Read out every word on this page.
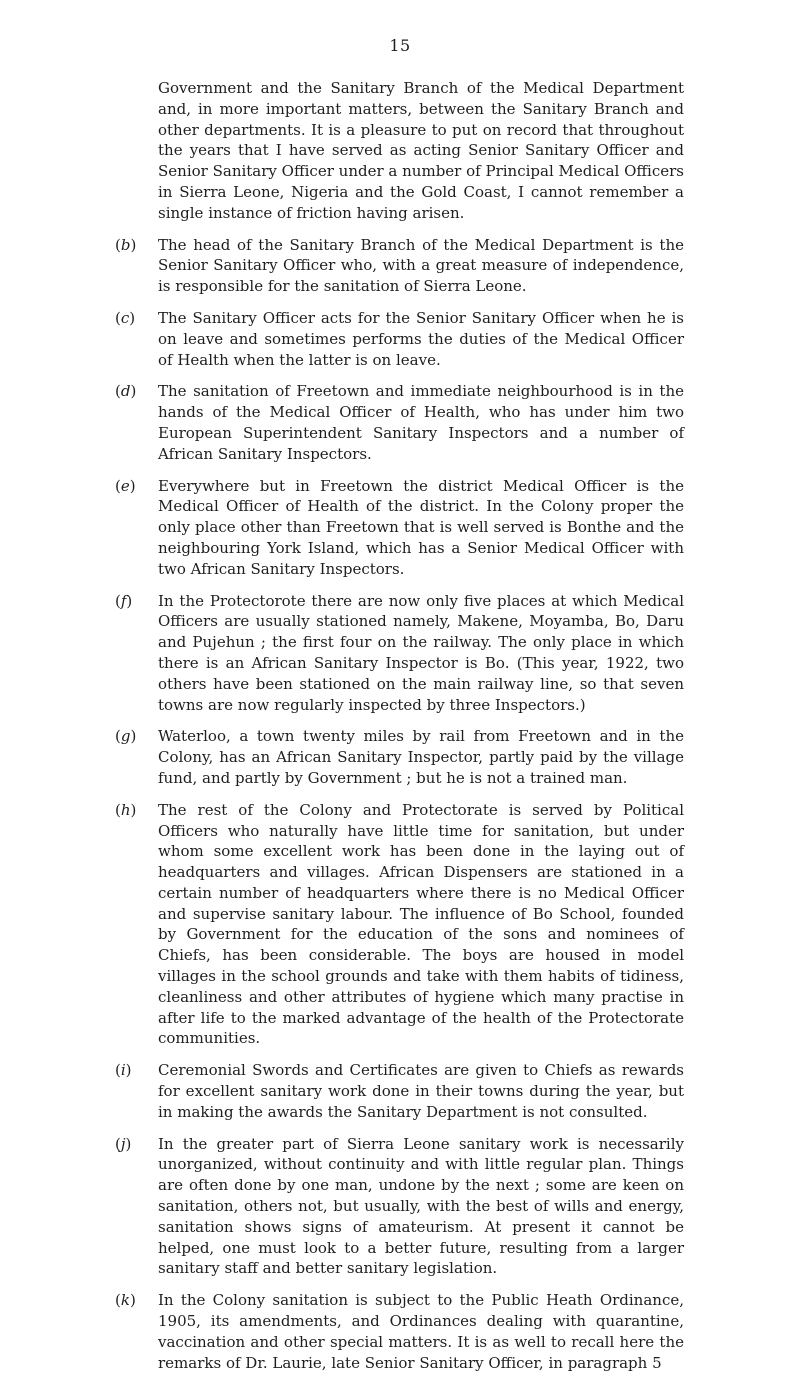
15

Government and the Sanitary Branch of the Medical Department and, in more important matters, between the Sanitary Branch and other departments. It is a pleasure to put on record that throughout the years that I have served as acting Senior Sanitary Officer and Senior Sanitary Officer under a number of Principal Medical Officers in Sierra Leone, Nigeria and the Gold Coast, I cannot remember a single instance of friction having arisen.

(b) The head of the Sanitary Branch of the Medical Department is the Senior Sanitary Officer who, with a great measure of independence, is responsible for the sanitation of Sierra Leone.
(c) The Sanitary Officer acts for the Senior Sanitary Officer when he is on leave and sometimes performs the duties of the Medical Officer of Health when the latter is on leave.
(d) The sanitation of Freetown and immediate neighbourhood is in the hands of the Medical Officer of Health, who has under him two European Superintendent Sanitary Inspectors and a number of African Sanitary Inspectors.
(e) Everywhere but in Freetown the district Medical Officer is the Medical Officer of Health of the district. In the Colony proper the only place other than Freetown that is well served is Bonthe and the neighbouring York Island, which has a Senior Medical Officer with two African Sanitary Inspectors.
(f) In the Protectorote there are now only five places at which Medical Officers are usually stationed namely, Makene, Moyamba, Bo, Daru and Pujehun ; the first four on the railway. The only place in which there is an African Sanitary Inspector is Bo. (This year, 1922, two others have been stationed on the main railway line, so that seven towns are now regularly inspected by three Inspectors.)
(g) Waterloo, a town twenty miles by rail from Freetown and in the Colony, has an African Sanitary Inspector, partly paid by the village fund, and partly by Government ; but he is not a trained man.
(h) The rest of the Colony and Protectorate is served by Political Officers who naturally have little time for sanitation, but under whom some excellent work has been done in the laying out of headquarters and villages. African Dispensers are stationed in a certain number of headquarters where there is no Medical Officer and supervise sanitary labour. The influence of Bo School, founded by Government for the education of the sons and nominees of Chiefs, has been considerable. The boys are housed in model villages in the school grounds and take with them habits of tidiness, cleanliness and other attributes of hygiene which many practise in after life to the marked advantage of the health of the Protectorate communities.
(i) Ceremonial Swords and Certificates are given to Chiefs as rewards for excellent sanitary work done in their towns during the year, but in making the awards the Sanitary Department is not consulted.
(j) In the greater part of Sierra Leone sanitary work is necessarily unorganized, without continuity and with little regular plan. Things are often done by one man, undone by the next ; some are keen on sanitation, others not, but usually, with the best of wills and energy, sanitation shows signs of amateurism. At present it cannot be helped, one must look to a better future, resulting from a larger sanitary staff and better sanitary legislation.
(k) In the Colony sanitation is subject to the Public Heath Ordinance, 1905, its amendments, and Ordinances dealing with quarantine, vaccination and other special matters. It is as well to recall here the remarks of Dr. Laurie, late Senior Sanitary Officer, in paragraph 5
